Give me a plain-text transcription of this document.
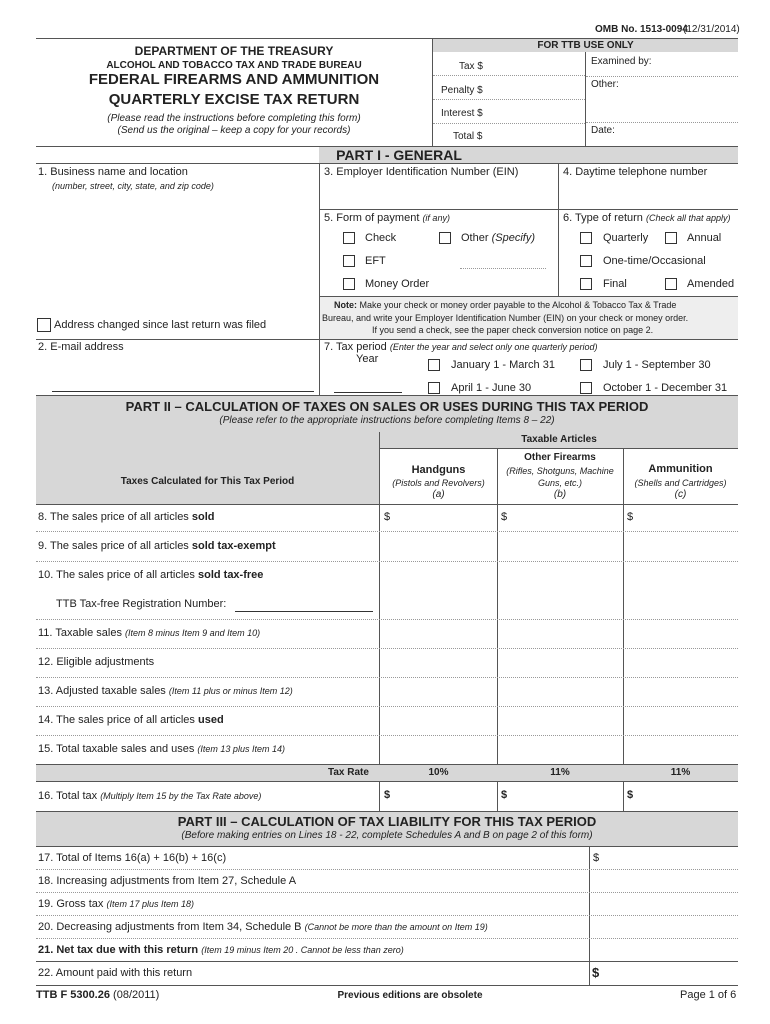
OMB No. 1513-0094
(12/31/2014)
DEPARTMENT OF THE TREASURY
ALCOHOL AND TOBACCO TAX AND TRADE BUREAU
FEDERAL FIREARMS AND AMMUNITION
QUARTERLY EXCISE TAX RETURN
(Please read the instructions before completing this form)
(Send us the original – keep a copy for your records)
FOR TTB USE ONLY
Tax $
Penalty $
Interest $
Total $
Examined by:
Other:
Date:
PART I - GENERAL
1. Business name and location
(number, street, city, state, and zip code)
3. Employer Identification Number (EIN)	4. Daytime telephone number
5. Form of payment (if any)	6. Type of return (Check all that apply)
Check	Other (Specify)
EFT
Money Order
Quarterly	Annual
One-time/Occasional
Final	Amended
Note: Make your check or money order payable to the Alcohol & Tobacco Tax & Trade
Bureau, and write your Employer Identification Number (EIN) on your check or money order.
If you send a check, see the paper check conversion notice on page 2.
Address changed since last return was filed
2. E-mail address	7. Tax period (Enter the year and select only one quarterly period)
Year	January 1 - March 31	July 1 - September 30
April 1 - June 30	October 1 - December 31
PART II – CALCULATION OF TAXES ON SALES OR USES DURING THIS TAX PERIOD
(Please refer to the appropriate instructions before completing Items 8 – 22)
Taxable Articles
Taxes Calculated for This Tax Period
Handguns
(Pistols and Revolvers)
(a)
Other Firearms
(Rifles, Shotguns, Machine
Guns, etc.)
(b)
Ammunition
(Shells and Cartridges)
(c)
8. The sales price of all articles sold	$	$	$
9. The sales price of all articles sold tax-exempt
10. The sales price of all articles sold tax-free
TTB Tax-free Registration Number:
11. Taxable sales (Item 8 minus Item 9 and Item 10)
12. Eligible adjustments
13. Adjusted taxable sales (Item 11 plus or minus Item 12)
14. The sales price of all articles used
15. Total taxable sales and uses (Item 13 plus Item 14)
Tax Rate	10%	11%	11%
16. Total tax (Multiply Item 15 by the Tax Rate above)	$	$	$
PART III – CALCULATION OF TAX LIABILITY FOR THIS TAX PERIOD
(Before making entries on Lines 18 - 22, complete Schedules A and B on page 2 of this form)
17. Total of Items 16(a) + 16(b) + 16(c)	$
18. Increasing adjustments from Item 27, Schedule A
19. Gross tax (Item 17 plus Item 18)
20. Decreasing adjustments from Item 34, Schedule B (Cannot be more than the amount on Item 19)
21. Net tax due with this return (Item 19 minus Item 20 . Cannot be less than zero)
22. Amount paid with this return	$
TTB F 5300.26 (08/2011)	Previous editions are obsolete	Page 1 of 6
